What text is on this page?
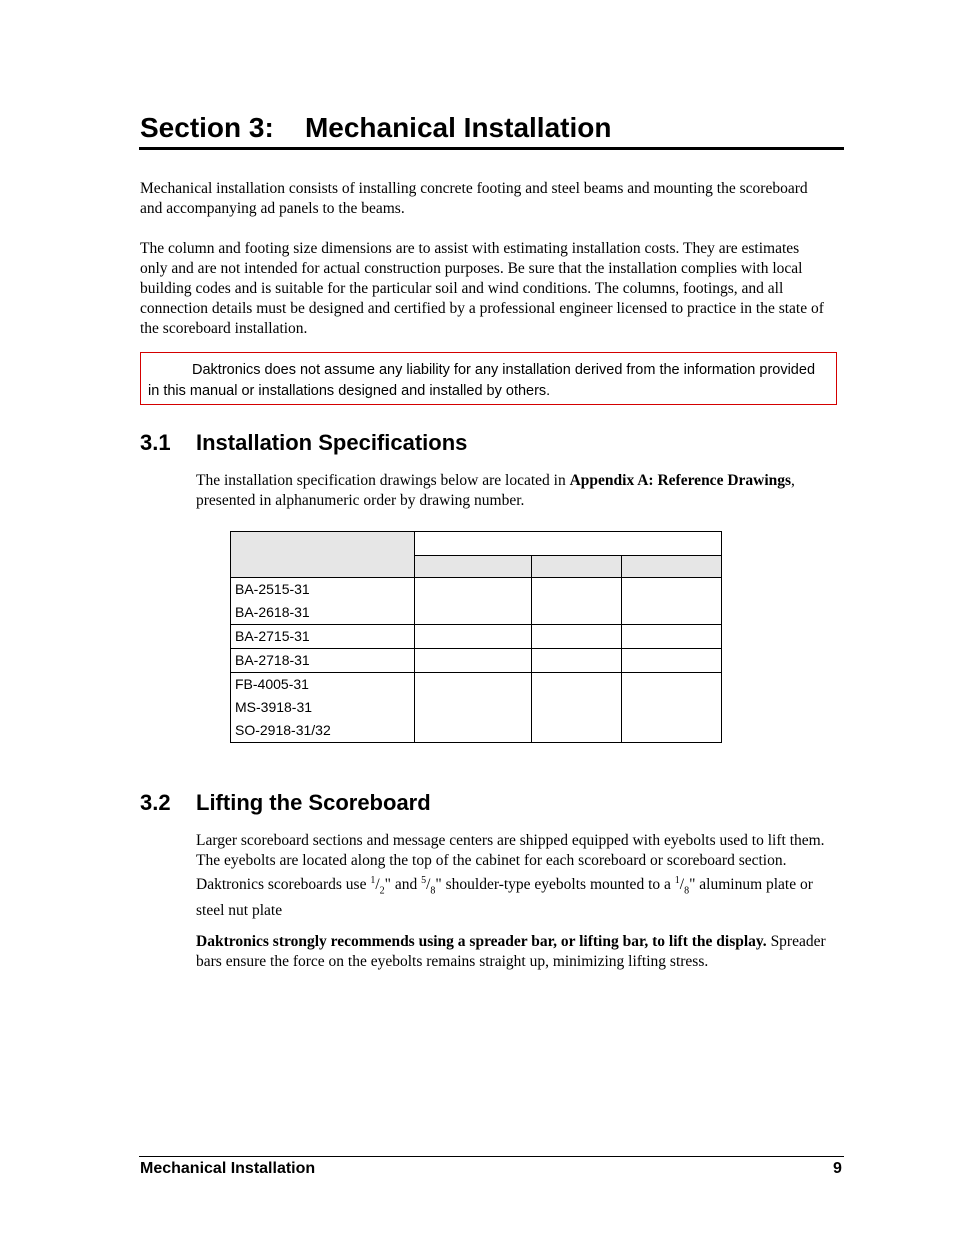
Section 3: Mechanical Installation

Mechanical installation consists of installing concrete footing and steel beams and mounting the scoreboard and accompanying ad panels to the beams.

The column and footing size dimensions are to assist with estimating installation costs. They are estimates only and are not intended for actual construction purposes. Be sure that the installation complies with local building codes and is suitable for the particular soil and wind conditions. The columns, footings, and all connection details must be designed and certified by a professional engineer licensed to practice in the state of the scoreboard installation.

Daktronics does not assume any liability for any installation derived from the information provided in this manual or installations designed and installed by others.
3.1 Installation Specifications

The installation specification drawings below are located in Appendix A: Reference Drawings, presented in alphanumeric order by drawing number.

BA-2515-31
BA-2618-31			

BA-2715-31			

BA-2718-31			

FB-4005-31
MS-3918-31
SO-2918-31/32			

3.2 Lifting the Scoreboard

Larger scoreboard sections and message centers are shipped equipped with eyebolts used to lift them. The eyebolts are located along the top of the cabinet for each scoreboard or scoreboard section. Daktronics scoreboards use $^1/_2$" and $^5/_8$" shoulder-type eyebolts mounted to a $^1/_8$" aluminum plate or steel nut plate

Daktronics strongly recommends using a spreader bar, or lifting bar, to lift the display. Spreader bars ensure the force on the eyebolts remains straight up, minimizing lifting stress.

Mechanical Installation	9
